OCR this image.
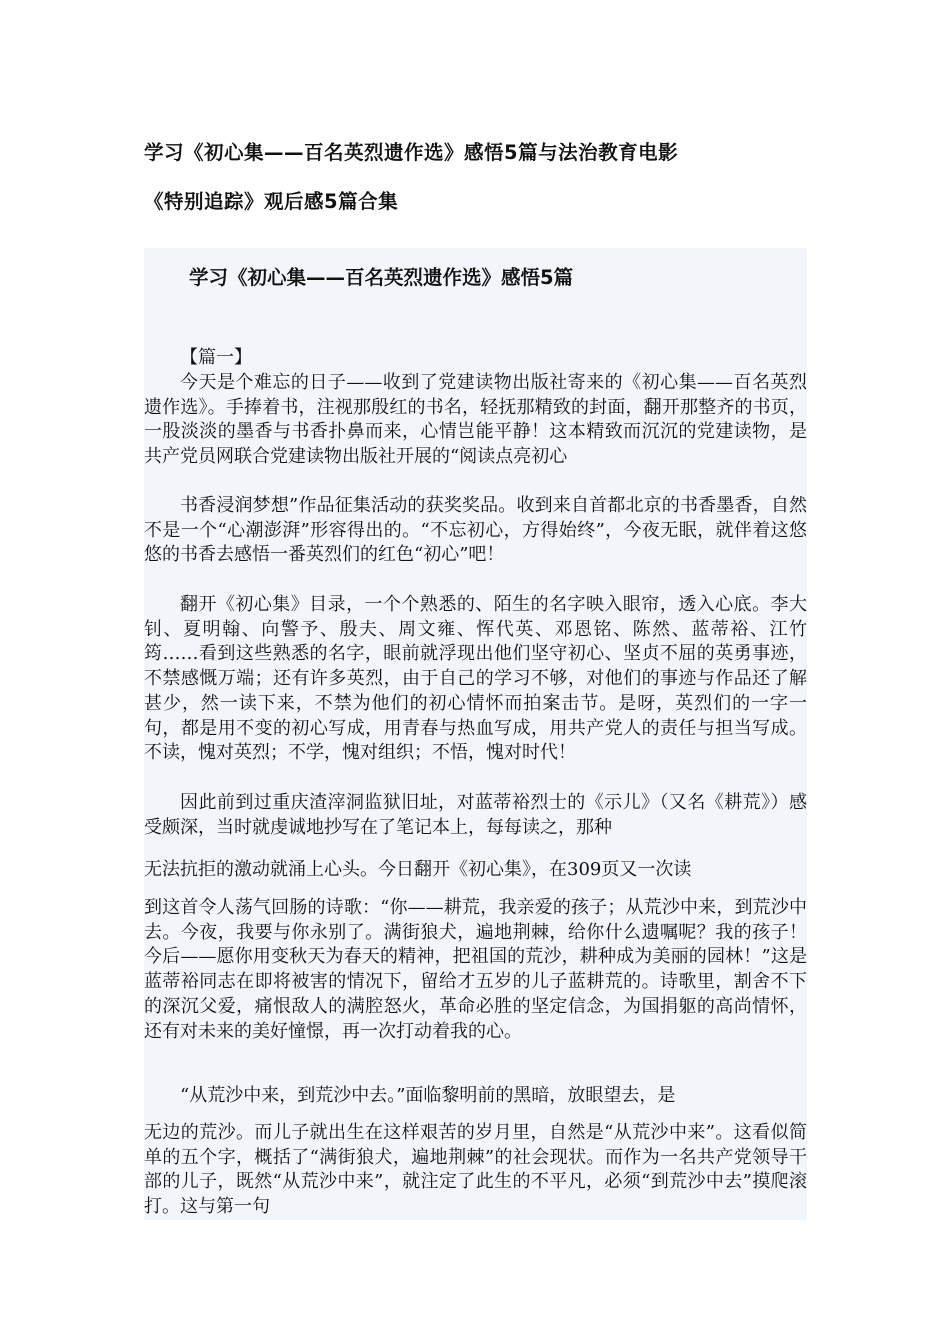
学习《初心集——百名英烈遗作选》感悟5篇与法治教育电影
《特别追踪》观后感5篇合集
学习《初心集——百名英烈遗作选》感悟5篇

【篇一】

今天是个难忘的日子——收到了党建读物出版社寄来的《初心集——百名英烈遗作选》。手捧着书，注视那殷红的书名，轻抚那精致的封面，翻开那整齐的书页，一股淡淡的墨香与书香扑鼻而来，心情岂能平静！这本精致而沉沉的党建读物，是共产党员网联合党建读物出版社开展的“阅读点亮初心

书香浸润梦想”作品征集活动的获奖奖品。收到来自首都北京的书香墨香，自然不是一个“心潮澎湃”形容得出的。“不忘初心，方得始终”，今夜无眠，就伴着这悠悠的书香去感悟一番英烈们的红色“初心”吧！

翻开《初心集》目录，一个个熟悉的、陌生的名字映入眼帘，透入心底。李大钊、夏明翰、向警予、殷夫、周文雍、恽代英、邓恩铭、陈然、蓝蒂裕、江竹筠……看到这些熟悉的名字，眼前就浮现出他们坚守初心、坚贞不屈的英勇事迹，不禁感慨万端；还有许多英烈，由于自己的学习不够，对他们的事迹与作品还了解甚少，然一读下来，不禁为他们的初心情怀而拍案击节。是呀，英烈们的一字一句，都是用不变的初心写成，用青春与热血写成，用共产党人的责任与担当写成。不读，愧对英烈；不学，愧对组织；不悟，愧对时代！

因此前到过重庆渣滓洞监狱旧址，对蓝蒂裕烈士的《示儿》（又名《耕荒》）感受颇深，当时就虔诚地抄写在了笔记本上，每每读之，那种

无法抗拒的激动就涌上心头。今日翻开《初心集》，在309页又一次读

到这首令人荡气回肠的诗歌：“你——耕荒，我亲爱的孩子；从荒沙中来，到荒沙中去。今夜，我要与你永别了。满街狼犬，遍地荆棘，给你什么遗嘱呢？我的孩子！今后——愿你用变秋天为春天的精神，把祖国的荒沙，耕种成为美丽的园林！”这是蓝蒂裕同志在即将被害的情况下，留给才五岁的儿子蓝耕荒的。诗歌里，割舍不下的深沉父爱，痛恨敌人的满腔怒火，革命必胜的坚定信念，为国捐躯的高尚情怀，还有对未来的美好憧憬，再一次打动着我的心。

“从荒沙中来，到荒沙中去。”面临黎明前的黑暗，放眼望去，是

无边的荒沙。而儿子就出生在这样艰苦的岁月里，自然是“从荒沙中来”。这看似简单的五个字，概括了“满街狼犬，遍地荆棘”的社会现状。而作为一名共产党领导干部的儿子，既然“从荒沙中来”，就注定了此生的不平凡，必须“到荒沙中去”摸爬滚打。这与第一句
